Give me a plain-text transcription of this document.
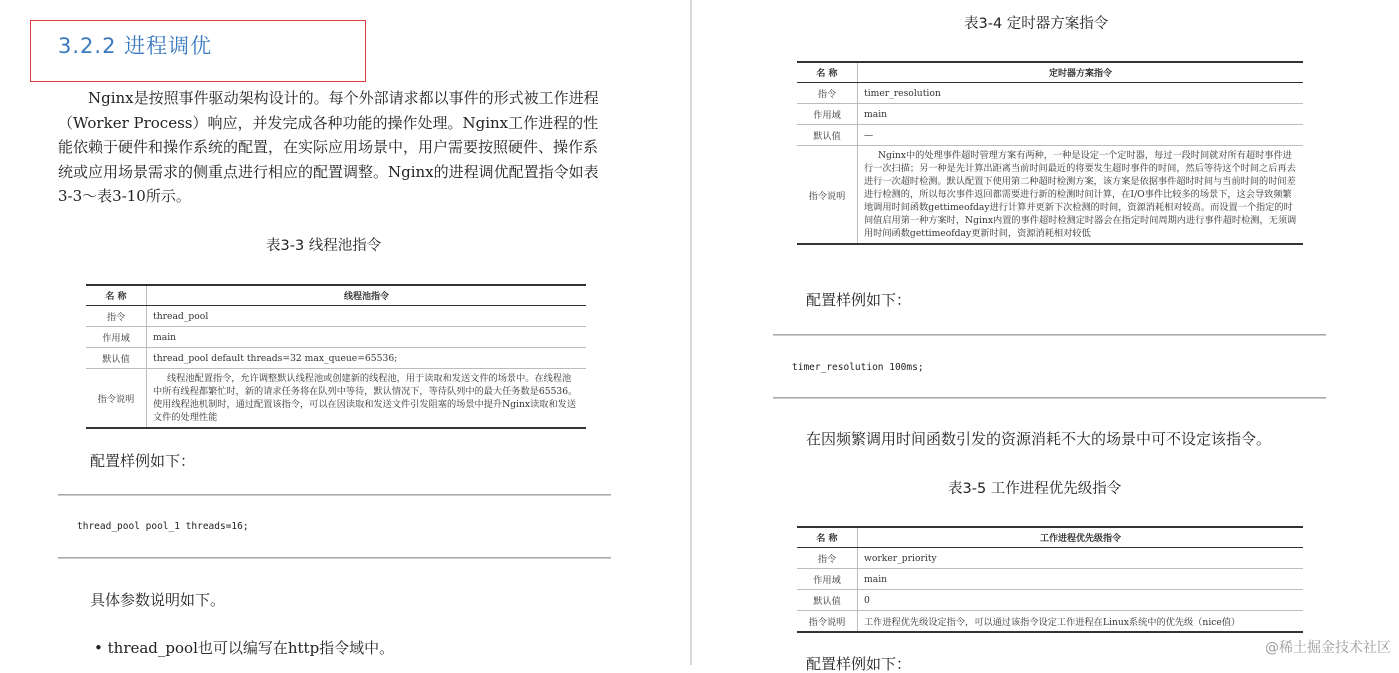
3.2.2 进程调优
Nginx是按照事件驱动架构设计的。每个外部请求都以事件的形式被工作进程（Worker Process）响应，并发完成各种功能的操作处理。Nginx工作进程的性能依赖于硬件和操作系统的配置，在实际应用场景中，用户需要按照硬件、操作系统或应用场景需求的侧重点进行相应的配置调整。Nginx的进程调优配置指令如表3-3～表3-10所示。
表3-3 线程池指令
名 称	线程池指令
指令	thread_pool
作用域	main
默认值	thread_pool default threads=32 max_queue=65536;
指令说明	线程池配置指令，允许调整默认线程池或创建新的线程池，用于读取和发送文件的场景中。在线程池中所有线程都繁忙时，新的请求任务将在队列中等待，默认情况下，等待队列中的最大任务数是65536。使用线程池机制时，通过配置该指令，可以在因读取和发送文件引发阻塞的场景中提升Nginx读取和发送文件的处理性能
配置样例如下：
thread_pool pool_1 threads=16;
具体参数说明如下。
• thread_pool也可以编写在http指令域中。
表3-4 定时器方案指令
名 称	定时器方案指令
指令	timer_resolution
作用域	main
默认值	—
指令说明	Nginx中的处理事件超时管理方案有两种，一种是设定一个定时器，每过一段时间就对所有超时事件进行一次扫描；另一种是先计算出距离当前时间最近的将要发生超时事件的时间，然后等待这个时间之后再去进行一次超时检测。默认配置下使用第二种超时检测方案，该方案是依据事件超时时间与当前时间的时间差进行检测的，所以每次事件返回都需要进行新的检测时间计算，在I/O事件比较多的场景下，这会导致频繁地调用时间函数gettimeofday进行计算并更新下次检测的时间，资源消耗相对较高。而设置一个指定的时间值启用第一种方案时，Nginx内置的事件超时检测定时器会在指定时间周期内进行事件超时检测，无须调用时间函数gettimeofday更新时间，资源消耗相对较低
配置样例如下：
timer_resolution 100ms;
在因频繁调用时间函数引发的资源消耗不大的场景中可不设定该指令。
表3-5 工作进程优先级指令
名 称	工作进程优先级指令
指令	worker_priority
作用域	main
默认值	0
指令说明	工作进程优先级设定指令，可以通过该指令设定工作进程在Linux系统中的优先级（nice值）
配置样例如下：
@稀土掘金技术社区
